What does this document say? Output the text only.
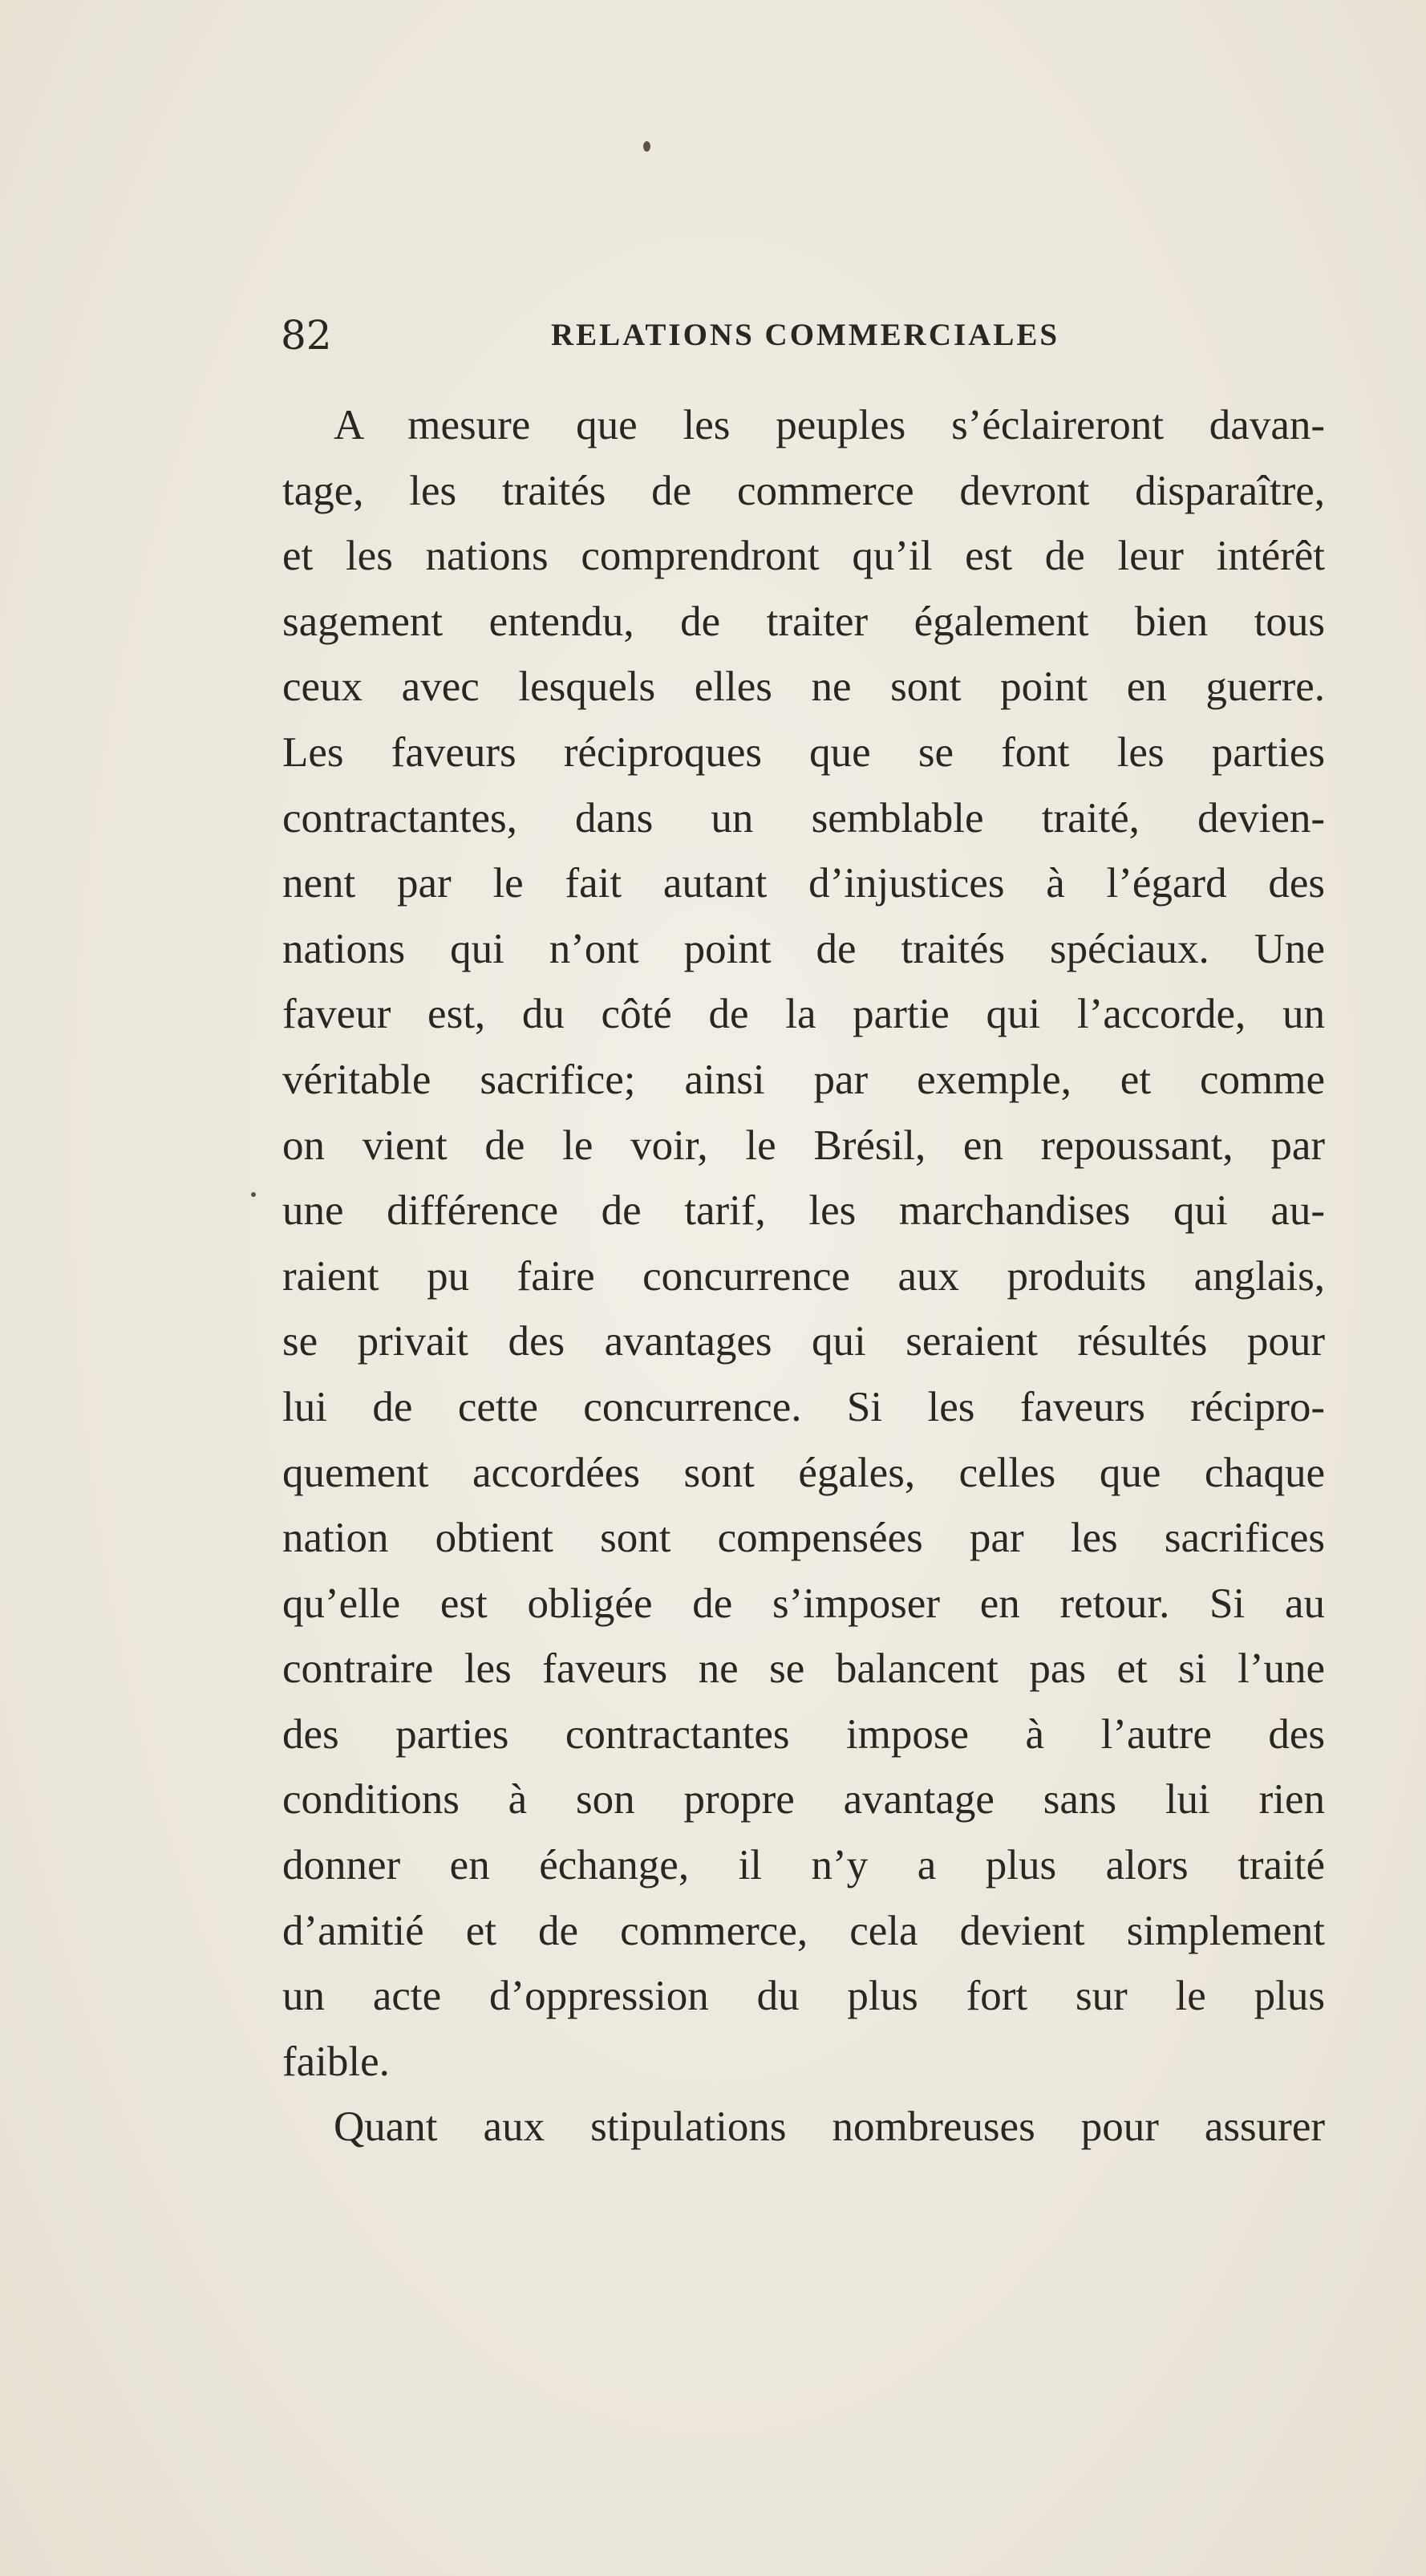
82	RELATIONS COMMERCIALES
A mesure que les peuples s’éclaireront davan-
tage, les traités de commerce devront disparaître,
et les nations comprendront qu’il est de leur intérêt
sagement entendu, de traiter également bien tous
ceux avec lesquels elles ne sont point en guerre.
Les faveurs réciproques que se font les parties
contractantes, dans un semblable traité, devien-
nent par le fait autant d’injustices à l’égard des
nations qui n’ont point de traités spéciaux. Une
faveur est, du côté de la partie qui l’accorde, un
véritable sacrifice; ainsi par exemple, et comme
on vient de le voir, le Brésil, en repoussant, par
une différence de tarif, les marchandises qui au-
raient pu faire concurrence aux produits anglais,
se privait des avantages qui seraient résultés pour
lui de cette concurrence. Si les faveurs récipro-
quement accordées sont égales, celles que chaque
nation obtient sont compensées par les sacrifices
qu’elle est obligée de s’imposer en retour. Si au
contraire les faveurs ne se balancent pas et si l’une
des parties contractantes impose à l’autre des
conditions à son propre avantage sans lui rien
donner en échange, il n’y a plus alors traité
d’amitié et de commerce, cela devient simplement
un acte d’oppression du plus fort sur le plus
faible.
Quant aux stipulations nombreuses pour assurer
